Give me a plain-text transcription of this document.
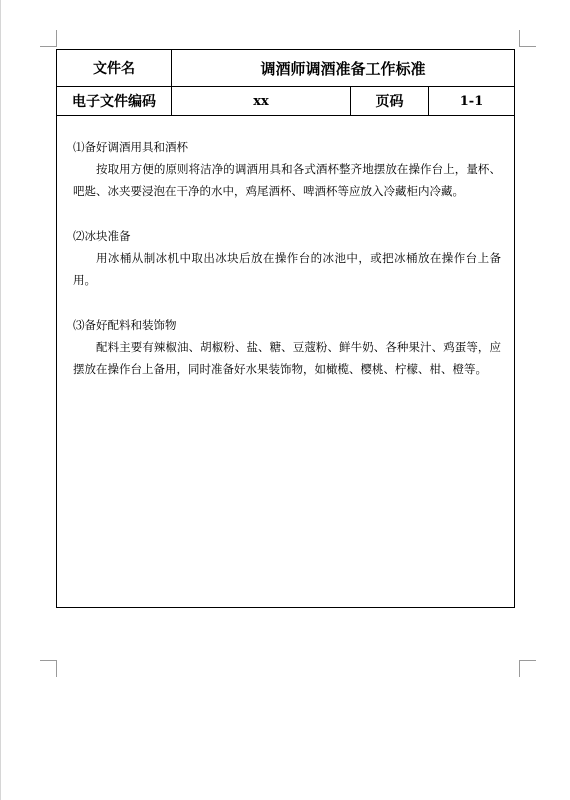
文件名	调酒师调酒准备工作标准
电子文件编码	xx	页码	1-1

⑴备好调酒用具和酒杯

按取用方便的原则将洁净的调酒用具和各式酒杯整齐地摆放在操作台上，量杯、吧匙、冰夹要浸泡在干净的水中，鸡尾酒杯、啤酒杯等应放入冷藏柜内冷藏。

⑵冰块准备

用冰桶从制冰机中取出冰块后放在操作台的冰池中，或把冰桶放在操作台上备用。

⑶备好配料和装饰物

配料主要有辣椒油、胡椒粉、盐、糖、豆蔻粉、鲜牛奶、各种果汁、鸡蛋等，应摆放在操作台上备用，同时准备好水果装饰物，如橄榄、樱桃、柠檬、柑、橙等。
